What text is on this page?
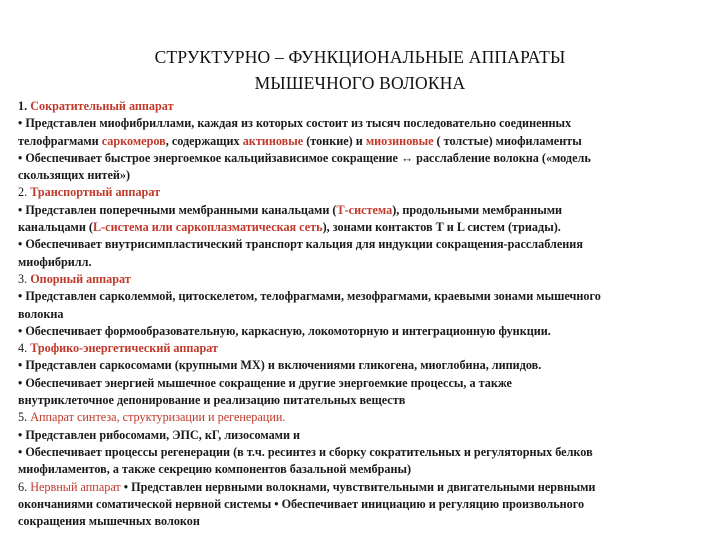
СТРУКТУРНО – ФУНКЦИОНАЛЬНЫЕ АППАРАТЫ
МЫШЕЧНОГО ВОЛОКНА
1. Сократительный аппарат
• Представлен миофибриллами, каждая из которых состоит из тысяч последовательно соединенных
телофрагмами саркомеров, содержащих актиновые (тонкие) и миозиновые ( толстые) миофиламенты
• Обеспечивает быстрое энергоемкое кальцийзависимое сокращение ↔ расслабление волокна («модель
скользящих нитей»)
2. Транспортный аппарат
• Представлен поперечными мембранными канальцами (Т-система), продольными мембранными
канальцами (L-система или саркоплазматическая сеть), зонами контактов Т и L систем (триады).
• Обеспечивает внутрисимпластический транспорт кальция для индукции сокращения-расслабления
миофибрилл.
3. Опорный аппарат
• Представлен сарколеммой, цитоскелетом, телофрагмами, мезофрагмами, краевыми зонами мышечного
волокна
• Обеспечивает формообразовательную, каркасную, локомоторную и интеграционную функции.
4. Трофико-энергетический аппарат
• Представлен саркосомами (крупными МХ) и включениями гликогена, миоглобина, липидов.
• Обеспечивает энергией мышечное сокращение и другие энергоемкие процессы, а также
внутриклеточное депонирование и реализацию питательных веществ
5. Аппарат синтеза, структуризации и регенерации.
• Представлен рибосомами, ЭПС, кГ, лизосомами и
• Обеспечивает процессы регенерации (в т.ч. ресинтез и сборку сократительных и регуляторных белков
миофиламентов, а также секрецию компонентов базальной мембраны)
6. Нервный аппарат • Представлен нервными волокнами, чувствительными и двигательными нервными
окончаниями соматической нервной системы • Обеспечивает инициацию и регуляцию произвольного
сокращения мышечных волокон
